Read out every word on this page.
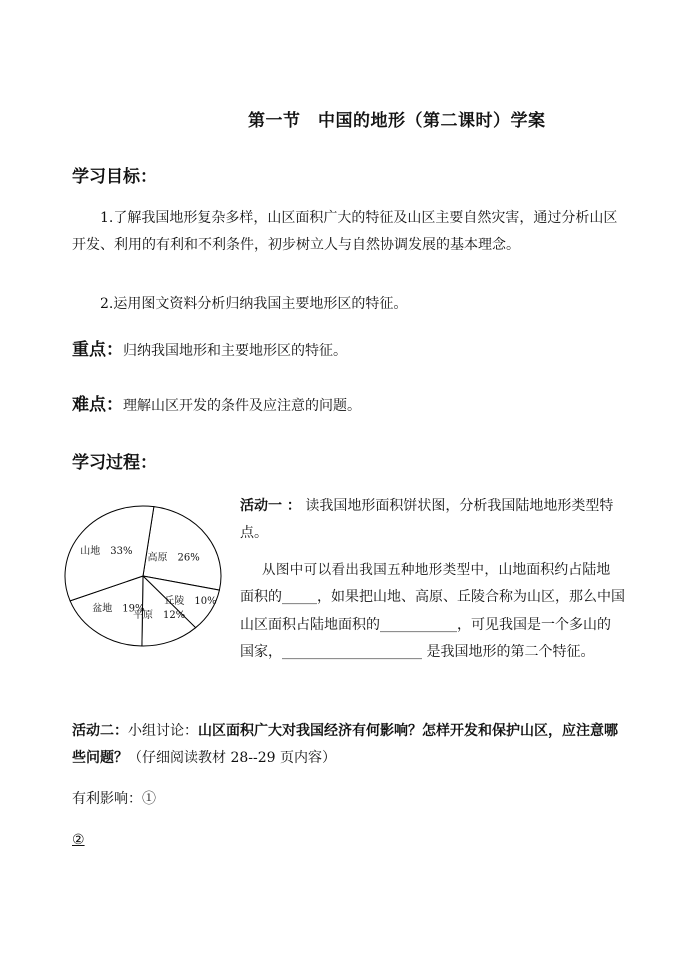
第一节　中国的地形（第二课时）学案
学习目标：
1.了解我国地形复杂多样，山区面积广大的特征及山区主要自然灾害，通过分析山区开发、利用的有利和不利条件，初步树立人与自然协调发展的基本理念。
2.运用图文资料分析归纳我国主要地形区的特征。
重点：归纳我国地形和主要地形区的特征。
难点：理解山区开发的条件及应注意的问题。
学习过程：
高原　26%
丘陵　10%
平原　12%
盆地　19%
山地　33%
活动一 ： 读我国地形面积饼状图，分析我国陆地地形类型特点。
从图中可以看出我国五种地形类型中，山地面积约占陆地
面积的_____，如果把山地、高原、丘陵合称为山区，那么中国
山区面积占陆地面积的___________，可见我国是一个多山的
国家，____________________ 是我国地形的第二个特征。
活动二：小组讨论：山区面积广大对我国经济有何影响？怎样开发和保护山区，应注意哪些问题？（仔细阅读教材 28--29 页内容）
有利影响：①
②
